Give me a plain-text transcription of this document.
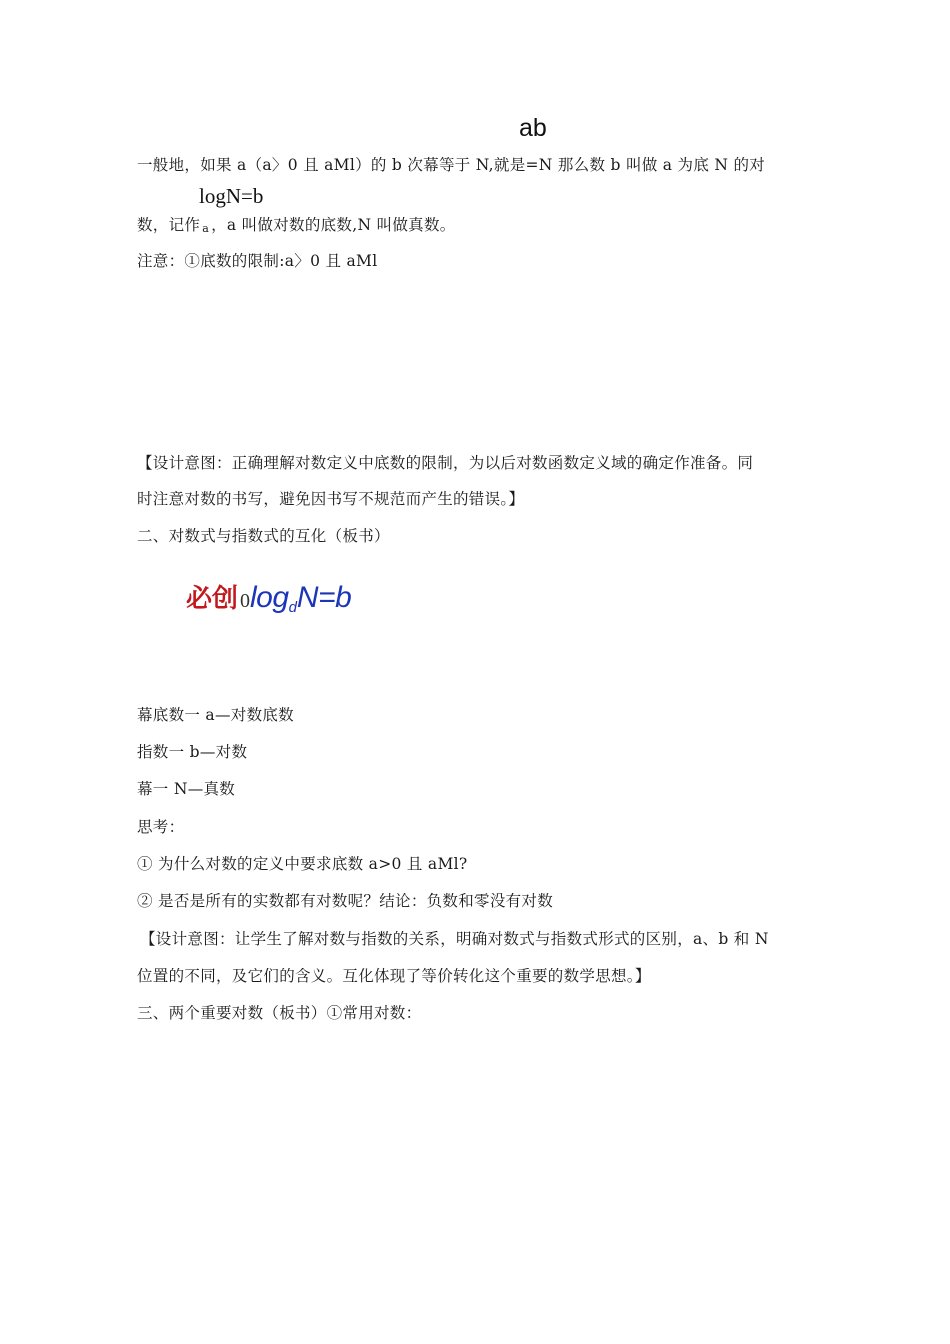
ab
一般地，如果 a（a〉0 且 aMl）的 b 次幕等于 N,就是=N 那么数 b 叫做 a 为底 N 的对
logN=b
数，记作 a ，a 叫做对数的底数,N 叫做真数。
注意：①底数的限制:a〉0 且 aMl
【设计意图：正确理解对数定义中底数的限制，为以后对数函数定义域的确定作准备。同
时注意对数的书写，避免因书写不规范而产生的错误。】
二、对数式与指数式的互化（板书）
必创 0logdN=b
幕底数一 a—对数底数
指数一 b—对数
幕一 N—真数
思考：
① 为什么对数的定义中要求底数 a>0 且 aMl?
② 是否是所有的实数都有对数呢？结论：负数和零没有对数
【设计意图：让学生了解对数与指数的关系，明确对数式与指数式形式的区别，a、b 和 N
位置的不同，及它们的含义。互化体现了等价转化这个重要的数学思想。】
三、两个重要对数（板书）①常用对数：
